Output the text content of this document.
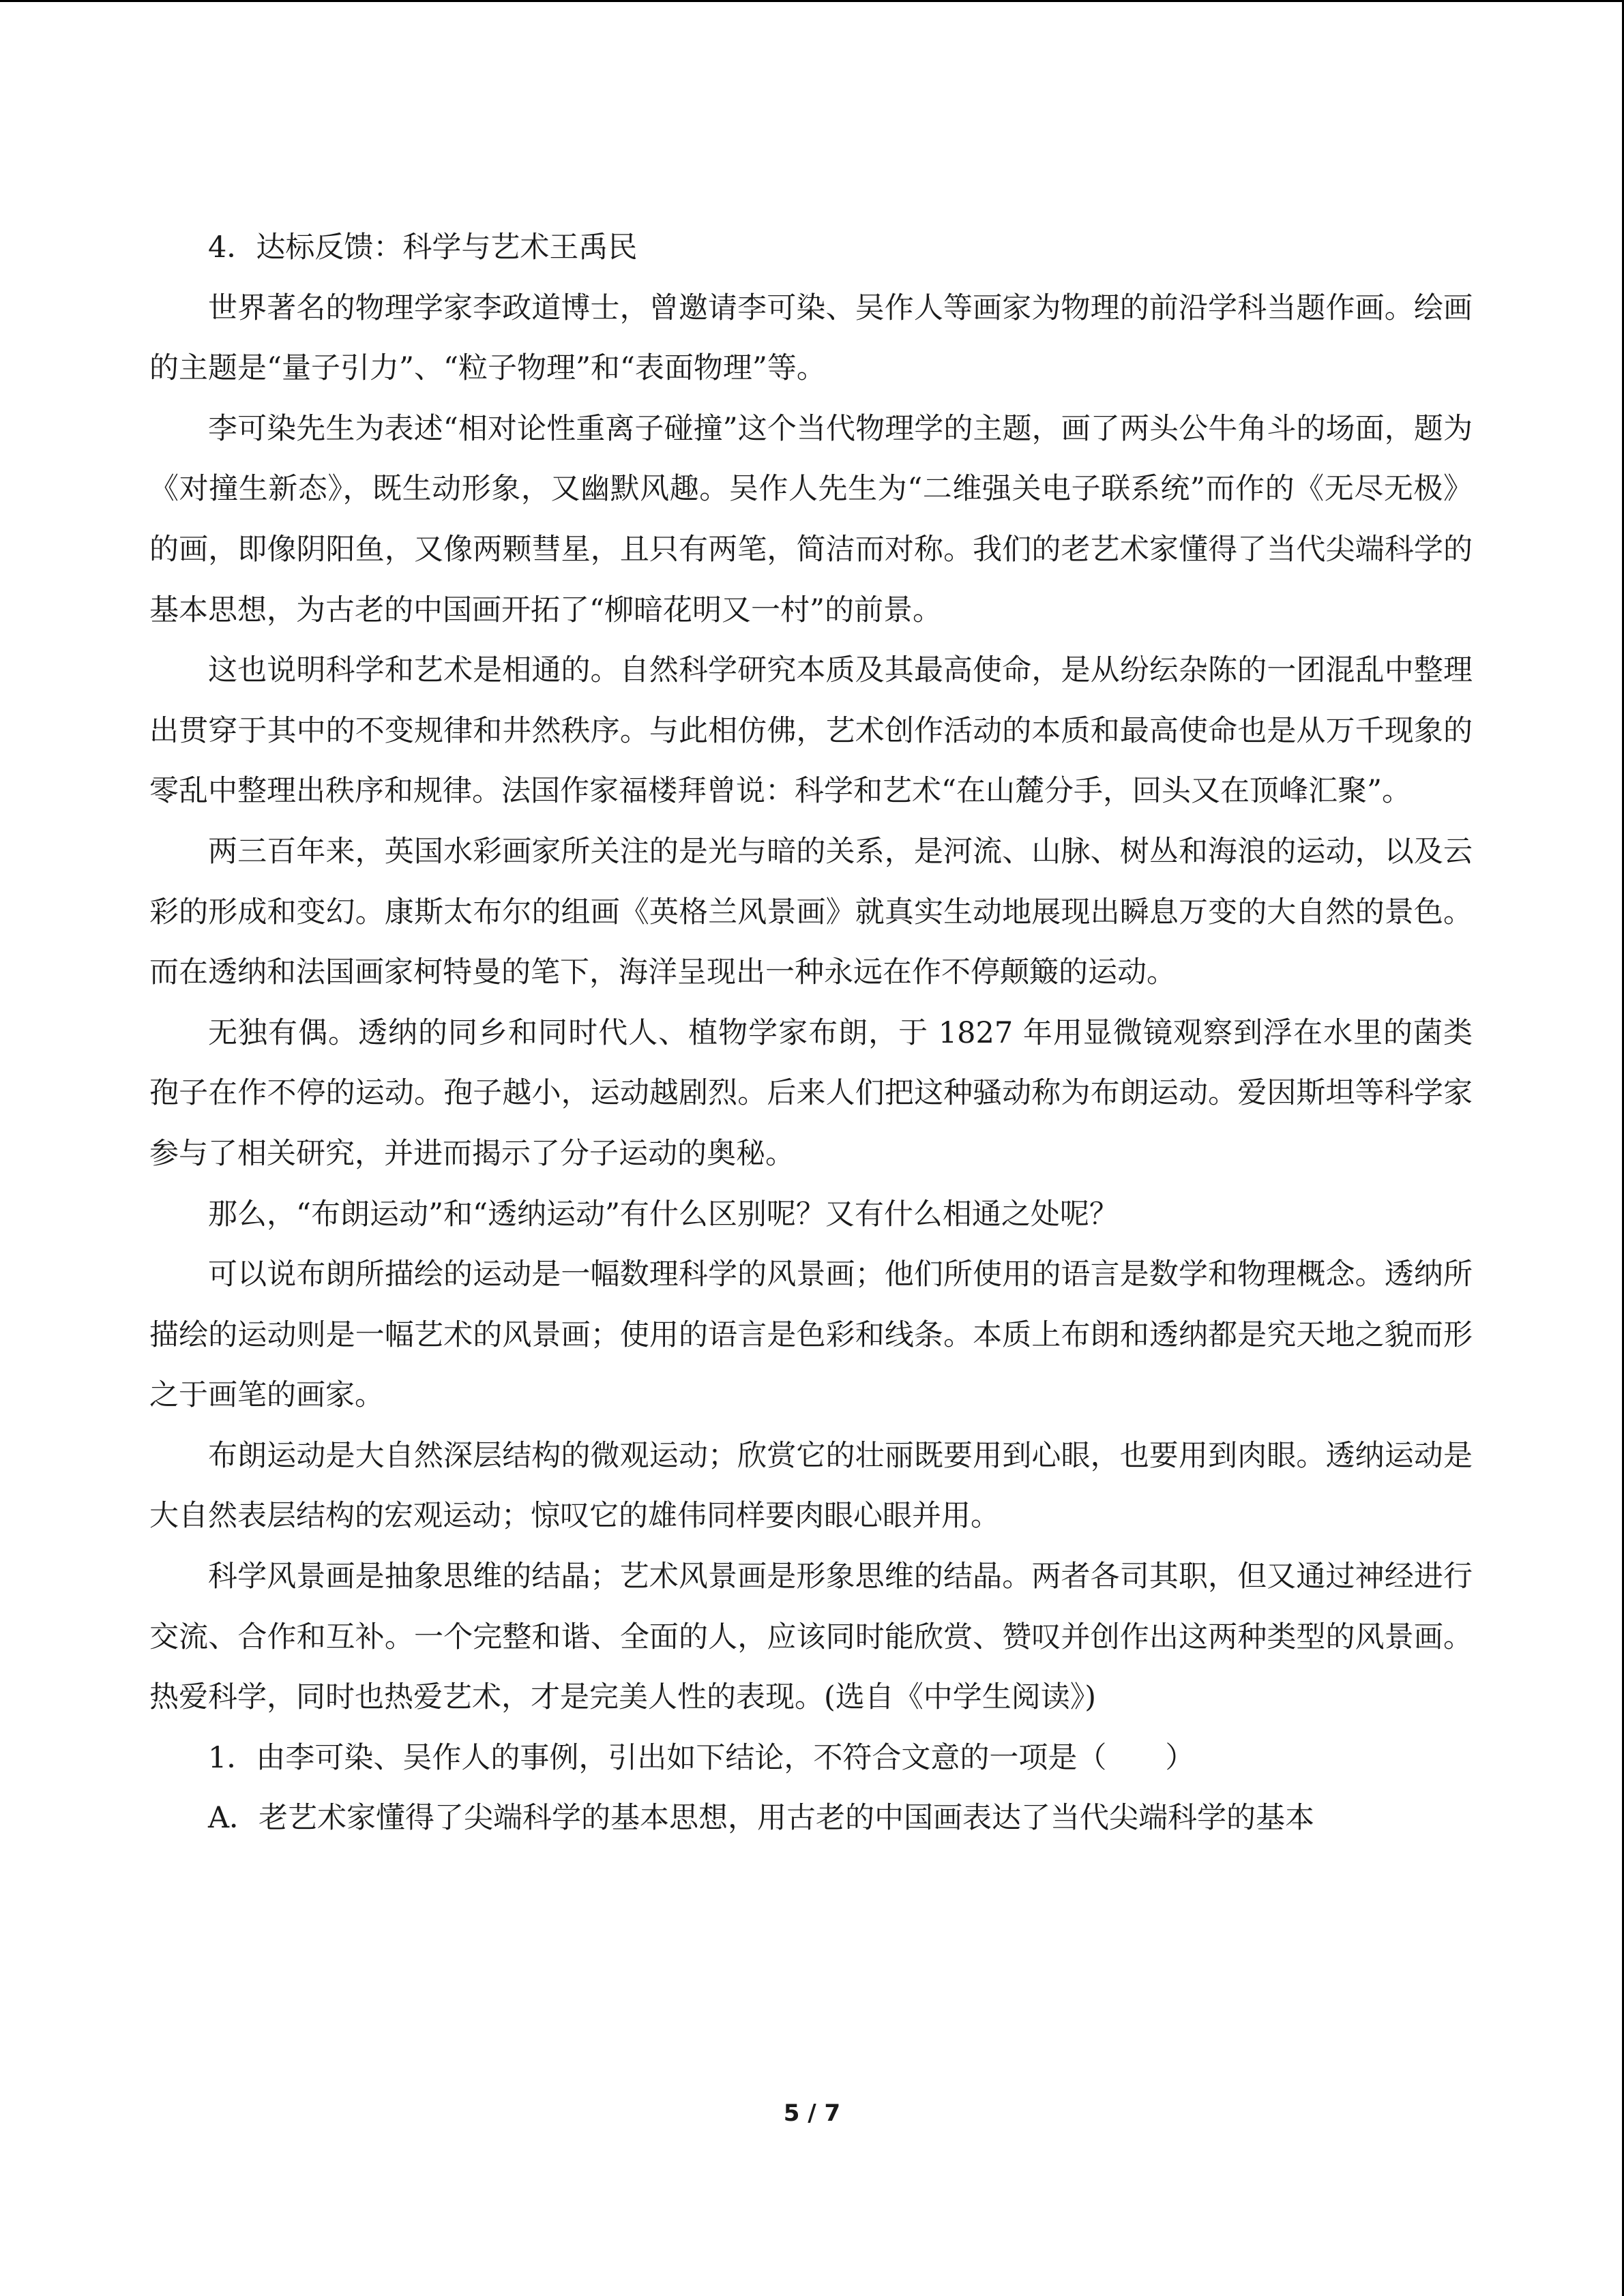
4．达标反馈：科学与艺术王禹民

世界著名的物理学家李政道博士，曾邀请李可染、吴作人等画家为物理的前沿学科当题作画。绘画的主题是“量子引力”、“粒子物理”和“表面物理”等。

李可染先生为表述“相对论性重离子碰撞”这个当代物理学的主题，画了两头公牛角斗的场面，题为《对撞生新态》，既生动形象，又幽默风趣。吴作人先生为“二维强关电子联系统”而作的《无尽无极》的画，即像阴阳鱼，又像两颗彗星，且只有两笔，简洁而对称。我们的老艺术家懂得了当代尖端科学的基本思想，为古老的中国画开拓了“柳暗花明又一村”的前景。

这也说明科学和艺术是相通的。自然科学研究本质及其最高使命，是从纷纭杂陈的一团混乱中整理出贯穿于其中的不变规律和井然秩序。与此相仿佛，艺术创作活动的本质和最高使命也是从万千现象的零乱中整理出秩序和规律。法国作家福楼拜曾说：科学和艺术“在山麓分手，回头又在顶峰汇聚”。

两三百年来，英国水彩画家所关注的是光与暗的关系，是河流、山脉、树丛和海浪的运动，以及云彩的形成和变幻。康斯太布尔的组画《英格兰风景画》就真实生动地展现出瞬息万变的大自然的景色。而在透纳和法国画家柯特曼的笔下，海洋呈现出一种永远在作不停颠簸的运动。

无独有偶。透纳的同乡和同时代人、植物学家布朗，于 1827 年用显微镜观察到浮在水里的菌类孢子在作不停的运动。孢子越小，运动越剧烈。后来人们把这种骚动称为布朗运动。爱因斯坦等科学家参与了相关研究，并进而揭示了分子运动的奥秘。

那么，“布朗运动”和“透纳运动”有什么区别呢？又有什么相通之处呢？

可以说布朗所描绘的运动是一幅数理科学的风景画；他们所使用的语言是数学和物理概念。透纳所描绘的运动则是一幅艺术的风景画；使用的语言是色彩和线条。本质上布朗和透纳都是究天地之貌而形之于画笔的画家。

布朗运动是大自然深层结构的微观运动；欣赏它的壮丽既要用到心眼，也要用到肉眼。透纳运动是大自然表层结构的宏观运动；惊叹它的雄伟同样要肉眼心眼并用。

科学风景画是抽象思维的结晶；艺术风景画是形象思维的结晶。两者各司其职，但又通过神经进行交流、合作和互补。一个完整和谐、全面的人，应该同时能欣赏、赞叹并创作出这两种类型的风景画。热爱科学，同时也热爱艺术，才是完美人性的表现。(选自《中学生阅读》)

1．由李可染、吴作人的事例，引出如下结论，不符合文意的一项是（　　）

A．老艺术家懂得了尖端科学的基本思想，用古老的中国画表达了当代尖端科学的基本

5 / 7
